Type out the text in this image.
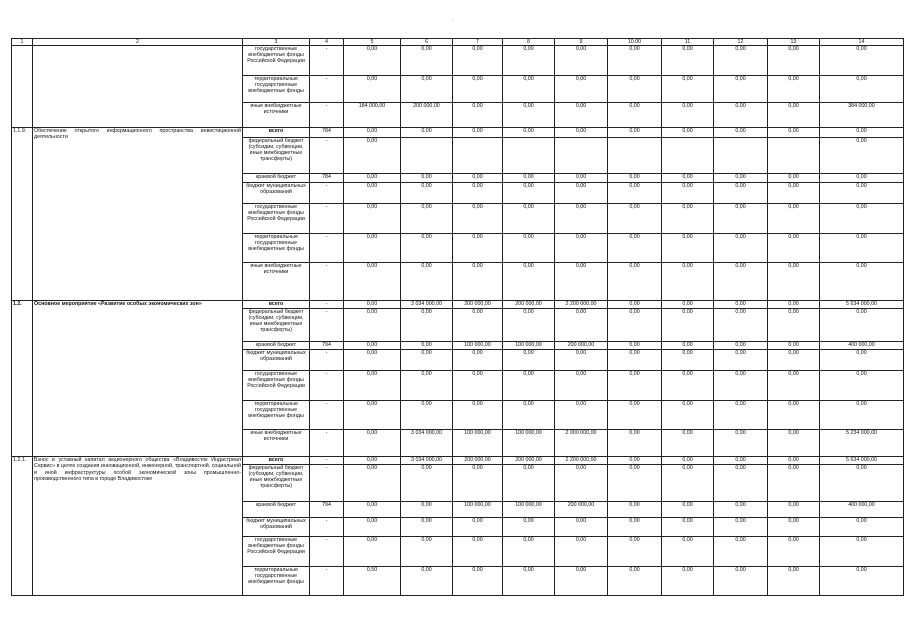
`
1	2	3	4	5	6	7	8	9	10,00	11	12	13	14
		государственные внебюджетные фонды Российской Федерации	-	0,00	0,00	0,00	0,00	0,00	0,00	0,00	0,00	0,00	0,00
		территориальные государственные внебюджетные фонды	-	0,00	0,00	0,00	0,00	0,00	0,00	0,00	0,00	0,00	0,00
		иные внебюджетные источники	-	184 000,00	200 000,00	0,00	0,00	0,00	0,00	0,00	0,00	0,00	384 000,00
1.1.9.	Обеспечение открытого информационного пространства инвестиционной деятельности	всего	784	0,00	0,00	0,00	0,00	0,00	0,00	0,00	0,00	0,00	0,00
		федеральный бюджет (субсидии, субвенции, иные межбюджетные трансферты)	-	0,00									0,00
		краевой бюджет	784	0,00	0,00	0,00	0,00	0,00	0,00	0,00	0,00	0,00	0,00
		бюджет муниципальных образований	-	0,00	0,00	0,00	0,00	0,00	0,00	0,00	0,00	0,00	0,00
		государственные внебюджетные фонды Российской Федерации	-	0,00	0,00	0,00	0,00	0,00	0,00	0,00	0,00	0,00	0,00
		территориальные государственные внебюджетные фонды	-	0,00	0,00	0,00	0,00	0,00	0,00	0,00	0,00	0,00	0,00
		иные внебюджетные источники	-	0,00	0,00	0,00	0,00	0,00	0,00	0,00	0,00	0,00	0,00
1.2.	Основное мероприятие «Развитие особых экономических зон»	всего	-	0,00	3 034 000,00	200 000,00	200 000,00	2 200 000,00	0,00	0,00	0,00	0,00	5 634 000,00
		федеральный бюджет (субсидии, субвенции, иные межбюджетные трансферты)	-	0,00	0,00	0,00	0,00	0,00	0,00	0,00	0,00	0,00	0,00
		краевой бюджет	794	0,00	0,00	100 000,00	100 000,00	200 000,00	0,00	0,00	0,00	0,00	400 000,00
		бюджет муниципальных образований	-	0,00	0,00	0,00	0,00	0,00	0,00	0,00	0,00	0,00	0,00
		государственные внебюджетные фонды Российской Федерации	-	0,00	0,00	0,00	0,00	0,00	0,00	0,00	0,00	0,00	0,00
		территориальные государственные внебюджетные фонды	-	0,00	0,00	0,00	0,00	0,00	0,00	0,00	0,00	0,00	0,00
		иные внебюджетные источники	-	0,00	3 034 000,00	100 000,00	100 000,00	2 000 000,00	0,00	0,00	0,00	0,00	5 234 000,00
1.2.1.	Взнос в уставный капитал акционерного общества «Владивосток Индастриал Сервис» в целях создания инновационной, инженерной, транспортной, социальной и иной инфраструктуры особой экономической зоны промышленно-производственного типа в городе Владивостоке	всего	-	0,00	3 034 000,00	200 000,00	200 000,00	2 200 000,00	0,00	0,00	0,00	0,00	5 634 000,00
		федеральный бюджет (субсидии, субвенции, иные межбюджетные трансферты)	-	0,00	0,00	0,00	0,00	0,00	0,00	0,00	0,00	0,00	0,00
		краевой бюджет	794	0,00	0,00	100 000,00	100 000,00	200 000,00	0,00	0,00	0,00	0,00	400 000,00
		бюджет муниципальных образований	-	0,00	0,00	0,00	0,00	0,00	0,00	0,00	0,00	0,00	0,00
		государственные внебюджетные фонды Российской Федерации	-	0,00	0,00	0,00	0,00	0,00	0,00	0,00	0,00	0,00	0,00
		территориальные государственные внебюджетные фонды	-	0,50	0,00	0,00	0,00	0,00	0,00	0,00	0,00	0,00	0,00
